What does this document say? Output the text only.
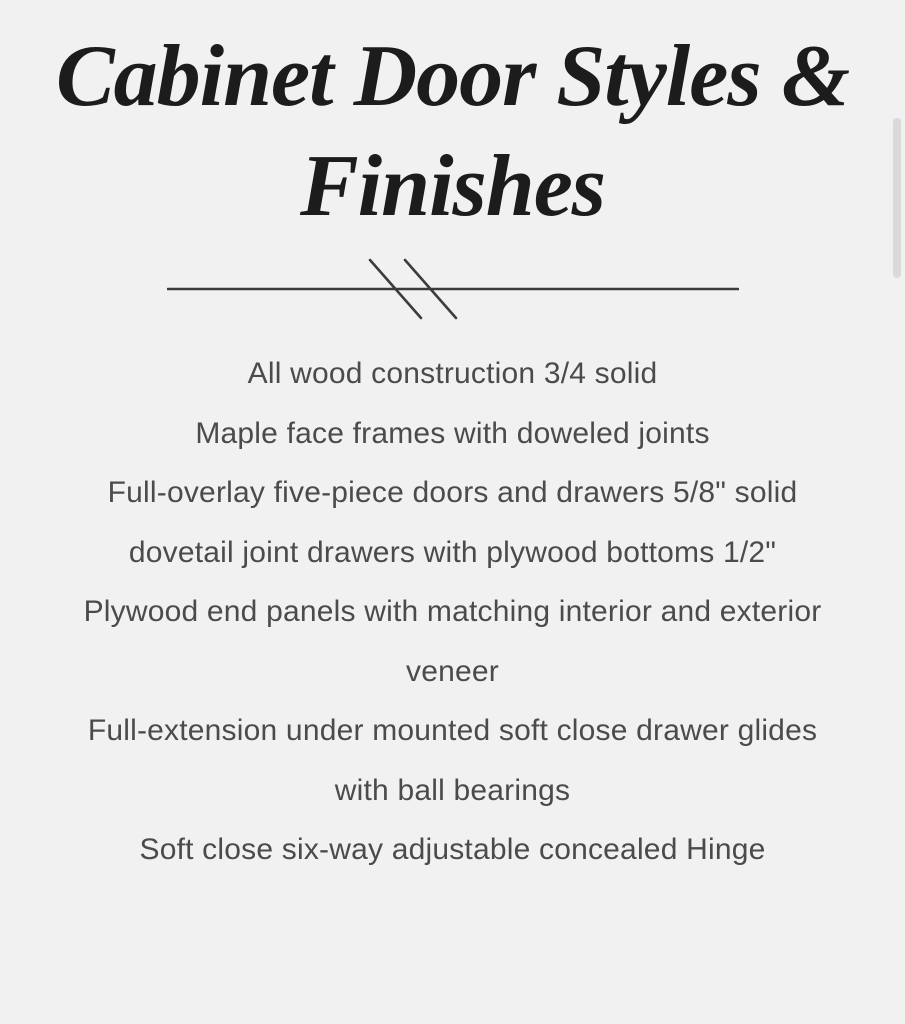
Cabinet Door Styles &
Finishes

All wood construction 3/4 solid

Maple face frames with doweled joints

Full-overlay five-piece doors and drawers 5/8" solid

dovetail joint drawers with plywood bottoms 1/2"

Plywood end panels with matching interior and exterior

veneer

Full-extension under mounted soft close drawer glides

with ball bearings

Soft close six-way adjustable concealed Hinge
